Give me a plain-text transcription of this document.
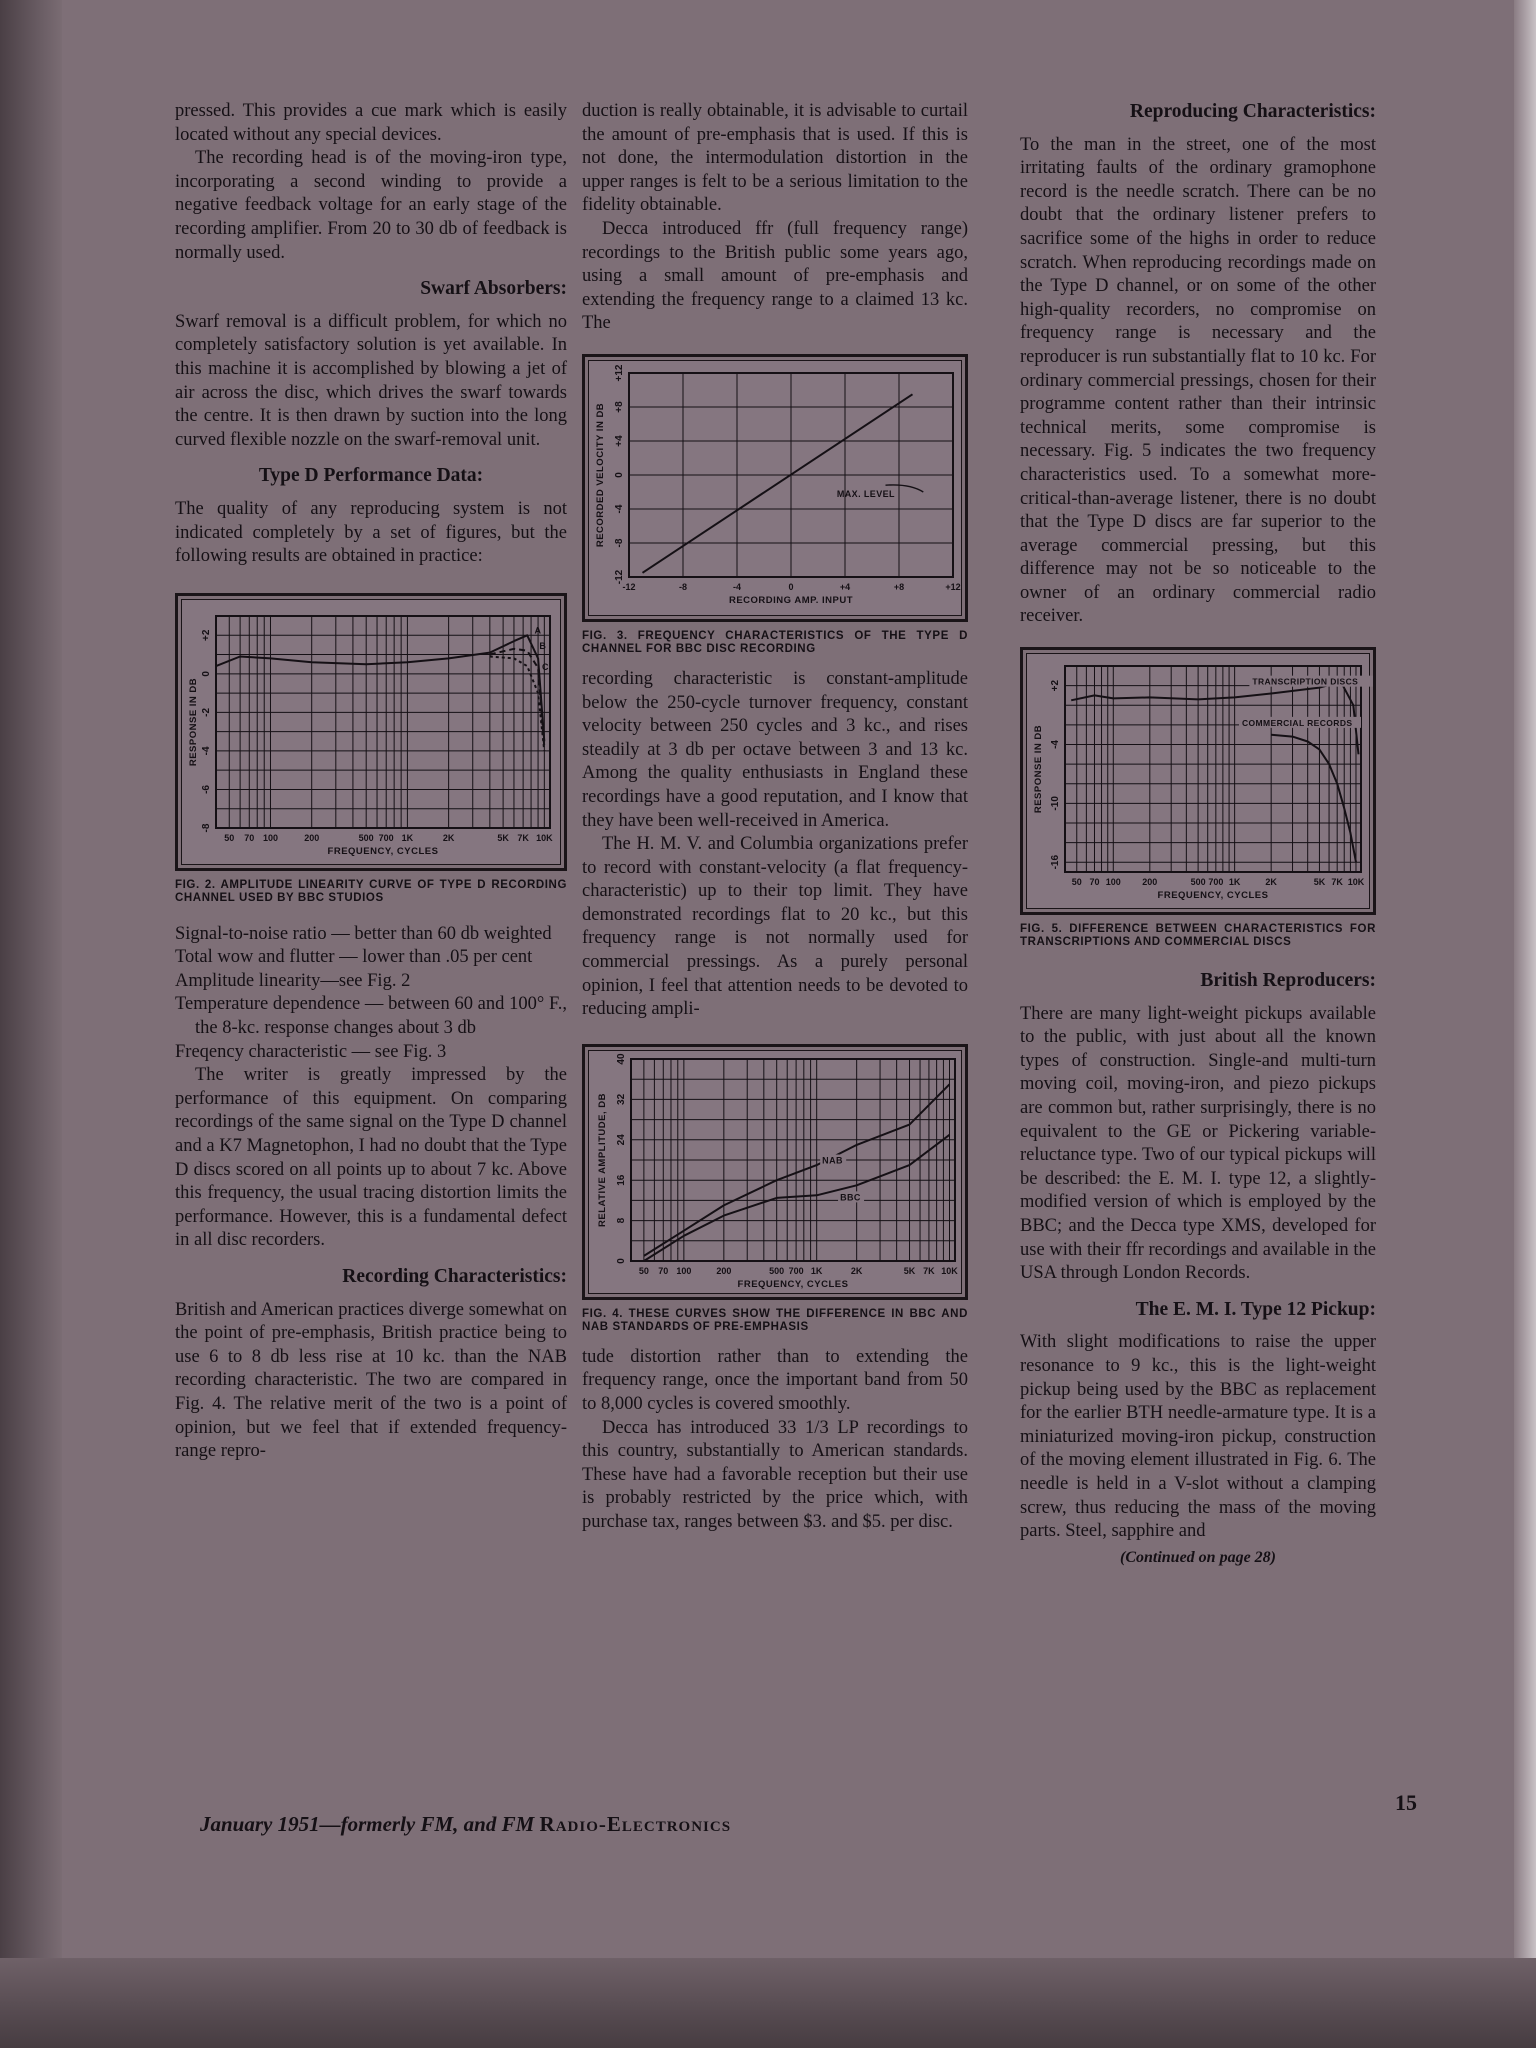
pressed. This provides a cue mark which is easily located without any special devices.

The recording head is of the moving-iron type, incorporating a second winding to provide a negative feedback voltage for an early stage of the recording amplifier. From 20 to 30 db of feedback is normally used.

Swarf Absorbers:

Swarf removal is a difficult problem, for which no completely satisfactory solution is yet available. In this machine it is accomplished by blowing a jet of air across the disc, which drives the swarf towards the centre. It is then drawn by suction into the long curved flexible nozzle on the swarf-removal unit.

Type D Performance Data:

The quality of any reproducing system is not indicated completely by a set of figures, but the following results are obtained in practice:

+2
0
-2
-4
-6
-8
50 70 100	200	500 700 1K	2K	5K 7K 10K
FREQUENCY, CYCLES
RESPONSE IN DB
A
B
C
FIG. 2. AMPLITUDE LINEARITY CURVE OF TYPE D RECORDING CHANNEL USED BY BBC STUDIOS

Signal-to-noise ratio — better than 60 db weighted

Total wow and flutter — lower than .05 per cent

Amplitude linearity—see Fig. 2

Temperature dependence — between 60 and 100° F., the 8-kc. response changes about 3 db

Freqency characteristic — see Fig. 3

The writer is greatly impressed by the performance of this equipment. On comparing recordings of the same signal on the Type D channel and a K7 Magnetophon, I had no doubt that the Type D discs scored on all points up to about 7 kc. Above this frequency, the usual tracing distortion limits the performance. However, this is a fundamental defect in all disc recorders.

Recording Characteristics:

British and American practices diverge somewhat on the point of pre-emphasis, British practice being to use 6 to 8 db less rise at 10 kc. than the NAB recording characteristic. The two are compared in Fig. 4. The relative merit of the two is a point of opinion, but we feel that if extended frequency-range repro-

duction is really obtainable, it is advisable to curtail the amount of pre-emphasis that is used. If this is not done, the intermodulation distortion in the upper ranges is felt to be a serious limitation to the fidelity obtainable.

Decca introduced ffr (full frequency range) recordings to the British public some years ago, using a small amount of pre-emphasis and extending the frequency range to a claimed 13 kc. The

+12
+8
+4
0
-4
-8
-12
-12	-8	-4	0	+4	+8	+12
RECORDING AMP. INPUT
RECORDED VELOCITY IN DB	MAX. LEVEL
FIG. 3. FREQUENCY CHARACTERISTICS OF THE TYPE D CHANNEL FOR BBC DISC RECORDING

recording characteristic is constant-amplitude below the 250-cycle turnover frequency, constant velocity between 250 cycles and 3 kc., and rises steadily at 3 db per octave between 3 and 13 kc. Among the quality enthusiasts in England these recordings have a good reputation, and I know that they have been well-received in America.

The H. M. V. and Columbia organizations prefer to record with constant-velocity (a flat frequency-characteristic) up to their top limit. They have demonstrated recordings flat to 20 kc., but this frequency range is not normally used for commercial pressings. As a purely personal opinion, I feel that attention needs to be devoted to reducing ampli-

0
8
16
24
32
40
50 70 100	200	500 700 1K	2K	5K 7K 10K
FREQUENCY, CYCLES
RELATIVE AMPLITUDE, DB	NAB
BBC
FIG. 4. THESE CURVES SHOW THE DIFFERENCE IN BBC AND NAB STANDARDS OF PRE-EMPHASIS

tude distortion rather than to extending the frequency range, once the important band from 50 to 8,000 cycles is covered smoothly.

Decca has introduced 33 1/3 LP recordings to this country, substantially to American standards. These have had a favorable reception but their use is probably restricted by the price which, with purchase tax, ranges between $3. and $5. per disc.

Reproducing Characteristics:

To the man in the street, one of the most irritating faults of the ordinary gramophone record is the needle scratch. There can be no doubt that the ordinary listener prefers to sacrifice some of the highs in order to reduce scratch. When reproducing recordings made on the Type D channel, or on some of the other high-quality recorders, no compromise on frequency range is necessary and the reproducer is run substantially flat to 10 kc. For ordinary commercial pressings, chosen for their programme content rather than their intrinsic technical merits, some compromise is necessary. Fig. 5 indicates the two frequency characteristics used. To a somewhat more-critical-than-average listener, there is no doubt that the Type D discs are far superior to the average commercial pressing, but this difference may not be so noticeable to the owner of an ordinary commercial radio receiver.

+2
-4
-10
-16
50 70 100 200	500 700 1K	2K	5K 7K 10K
FREQUENCY, CYCLES
RESPONSE IN DB
TRANSCRIPTION DISCS
COMMERCIAL RECORDS
FIG. 5. DIFFERENCE BETWEEN CHARACTERISTICS FOR TRANSCRIPTIONS AND COMMERCIAL DISCS
British Reproducers:

There are many light-weight pickups available to the public, with just about all the known types of construction. Single-and multi-turn moving coil, moving-iron, and piezo pickups are common but, rather surprisingly, there is no equivalent to the GE or Pickering variable-reluctance type. Two of our typical pickups will be described: the E. M. I. type 12, a slightly-modified version of which is employed by the BBC; and the Decca type XMS, developed for use with their ffr recordings and available in the USA through London Records.

The E. M. I. Type 12 Pickup:

With slight modifications to raise the upper resonance to 9 kc., this is the light-weight pickup being used by the BBC as replacement for the earlier BTH needle-armature type. It is a miniaturized moving-iron pickup, construction of the moving element illustrated in Fig. 6. The needle is held in a V-slot without a clamping screw, thus reducing the mass of the moving parts. Steel, sapphire and

(Continued on page 28)
January 1951—formerly FM, and FM Radio-Electronics
15
